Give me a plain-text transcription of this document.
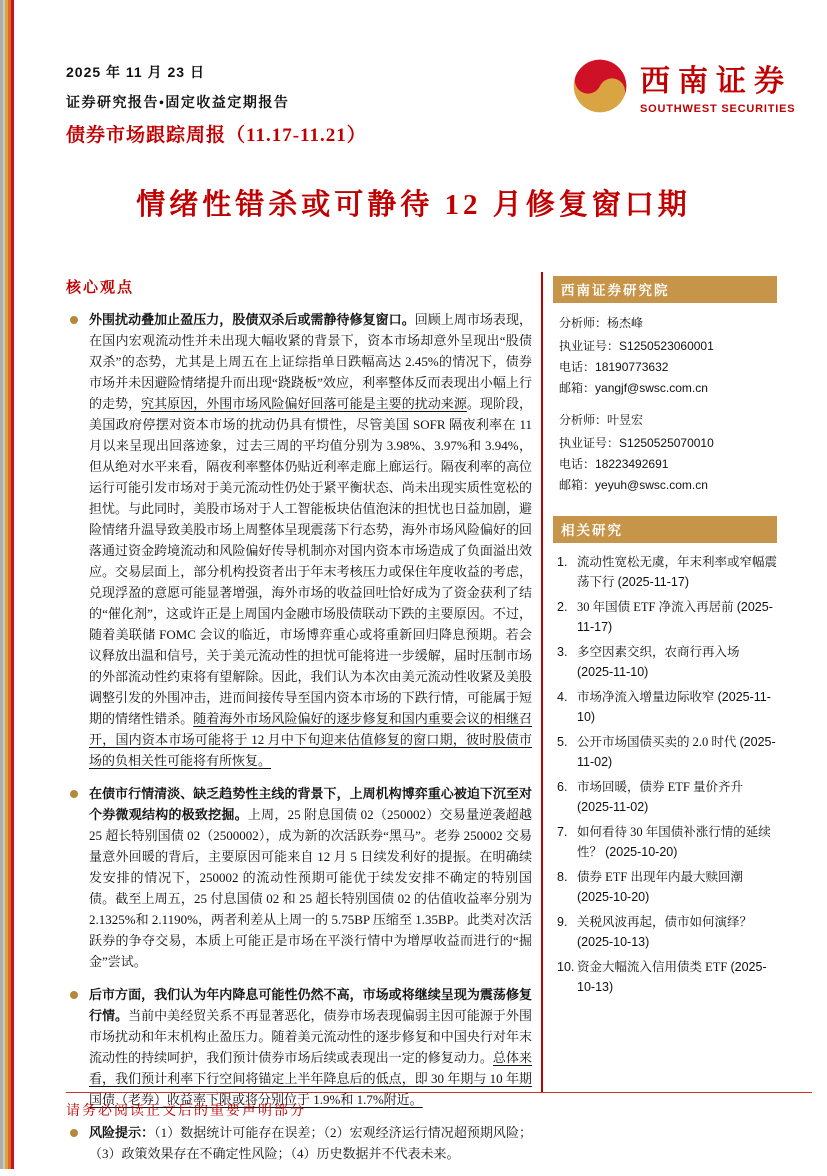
2025 年 11 月 23 日
证券研究报告•固定收益定期报告
债券市场跟踪周报（11.17-11.21）
西南证券
SOUTHWEST SECURITIES
情绪性错杀或可静待 12 月修复窗口期
核心观点
外围扰动叠加止盈压力，股债双杀后或需静待修复窗口。回顾上周市场表现，在国内宏观流动性并未出现大幅收紧的背景下，资本市场却意外呈现出“股债双杀”的态势，尤其是上周五在上证综指单日跌幅高达 2.45%的情况下，债券市场并未因避险情绪提升而出现“跷跷板”效应，利率整体反而表现出小幅上行的走势，究其原因，外围市场风险偏好回落可能是主要的扰动来源。现阶段，美国政府停摆对资本市场的扰动仍具有惯性，尽管美国 SOFR 隔夜利率在 11 月以来呈现出回落迹象，过去三周的平均值分别为 3.98%、3.97%和 3.94%，但从绝对水平来看，隔夜利率整体仍贴近利率走廊上廊运行。隔夜利率的高位运行可能引发市场对于美元流动性仍处于紧平衡状态、尚未出现实质性宽松的担忧。与此同时，美股市场对于人工智能板块估值泡沫的担忧也日益加剧，避险情绪升温导致美股市场上周整体呈现震荡下行态势，海外市场风险偏好的回落通过资金跨境流动和风险偏好传导机制亦对国内资本市场造成了负面溢出效应。交易层面上，部分机构投资者出于年末考核压力或保住年度收益的考虑，兑现浮盈的意愿可能显著增强，海外市场的收益回吐恰好成为了资金获利了结的“催化剂”，这或许正是上周国内金融市场股债联动下跌的主要原因。不过，随着美联储 FOMC 会议的临近，市场博弈重心或将重新回归降息预期。若会议释放出温和信号，关于美元流动性的担忧可能将进一步缓解，届时压制市场的外部流动性约束将有望解除。因此，我们认为本次由美元流动性收紧及美股调整引发的外围冲击，进而间接传导至国内资本市场的下跌行情，可能属于短期的情绪性错杀。随着海外市场风险偏好的逐步修复和国内重要会议的相继召开，国内资本市场可能将于 12 月中下旬迎来估值修复的窗口期，彼时股债市场的负相关性可能将有所恢复。
在债市行情清淡、缺乏趋势性主线的背景下，上周机构博弈重心被迫下沉至对个券微观结构的极致挖掘。上周，25 附息国债 02（250002）交易量逆袭超越 25 超长特别国债 02（2500002），成为新的次活跃券“黑马”。老券 250002 交易量意外回暖的背后，主要原因可能来自 12 月 5 日续发利好的提振。在明确续发安排的情况下，250002 的流动性预期可能优于续发安排不确定的特别国债。截至上周五，25 付息国债 02 和 25 超长特别国债 02 的估值收益率分别为 2.1325%和 2.1190%，两者利差从上周一的 5.75BP 压缩至 1.35BP。此类对次活跃券的争夺交易，本质上可能正是市场在平淡行情中为增厚收益而进行的“掘金”尝试。
后市方面，我们认为年内降息可能性仍然不高，市场或将继续呈现为震荡修复行情。当前中美经贸关系不再显著恶化，债券市场表现偏弱主因可能源于外围市场扰动和年末机构止盈压力。随着美元流动性的逐步修复和中国央行对年末流动性的持续呵护，我们预计债券市场后续或表现出一定的修复动力。总体来看，我们预计利率下行空间将锚定上半年降息后的低点，即 30 年期与 10 年期国债（老券）收益率下限或将分别位于 1.9%和 1.7%附近。
风险提示：（1）数据统计可能存在误差；（2）宏观经济运行情况超预期风险；（3）政策效果存在不确定性风险；（4）历史数据并不代表未来。
西南证券研究院
分析师：杨杰峰
执业证号：S1250523060001
电话：18190773632
邮箱：yangjf@swsc.com.cn
分析师：叶昱宏
执业证号：S1250525070010
电话：18223492691
邮箱：yeyuh@swsc.com.cn
相关研究
1. 流动性宽松无虞，年末利率或窄幅震荡下行 (2025-11-17)
2. 30 年国债 ETF 净流入再居前 (2025-11-17)
3. 多空因素交织，农商行再入场 (2025-11-10)
4. 市场净流入增量边际收窄 (2025-11-10)
5. 公开市场国债买卖的 2.0 时代 (2025-11-02)
6. 市场回暖，债券 ETF 量价齐升 (2025-11-02)
7. 如何看待 30 年国债补涨行情的延续性？ (2025-10-20)
8. 债券 ETF 出现年内最大赎回潮 (2025-10-20)
9. 关税风波再起，债市如何演绎？ (2025-10-13)
10. 资金大幅流入信用债类 ETF (2025-10-13)
请务必阅读正文后的重要声明部分
